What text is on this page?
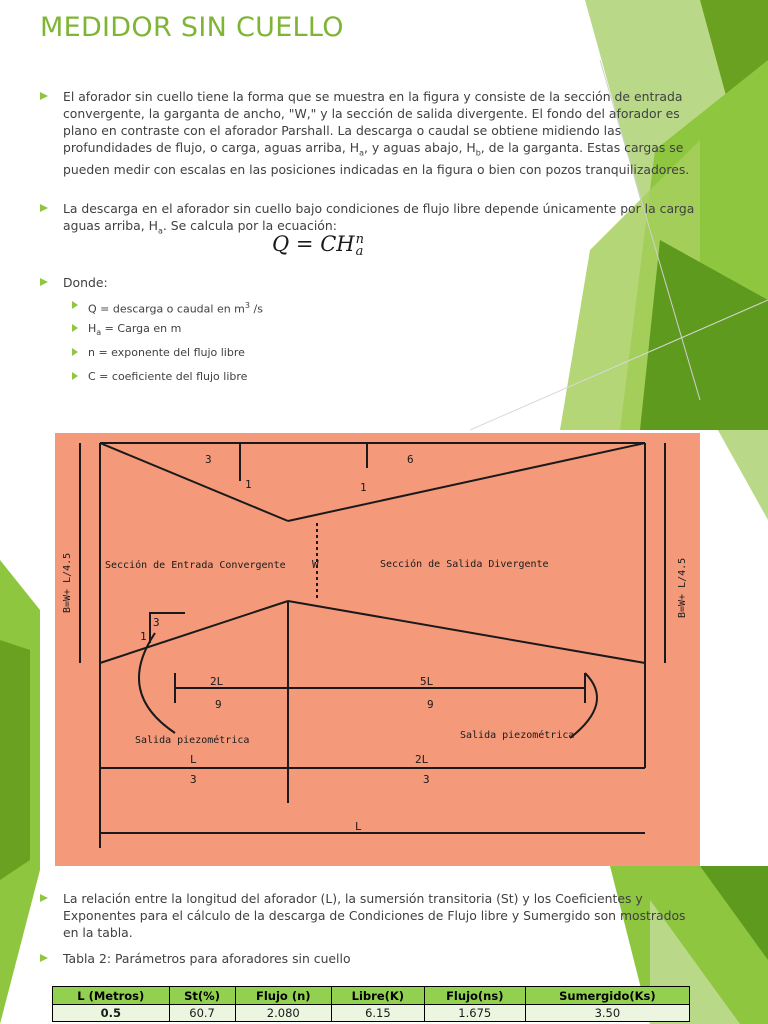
MEDIDOR SIN CUELLO
El aforador sin cuello tiene la forma que se muestra en la figura y consiste de la sección de entrada convergente, la garganta de ancho, "W," y la sección de salida divergente. El fondo del aforador es plano en contraste con el aforador Parshall. La descarga o caudal se obtiene midiendo las profundidades de flujo, o carga, aguas arriba, $H_a$, y aguas abajo, $H_b$, de la garganta. Estas cargas se pueden medir con escalas en las posiciones indicadas en la figura o bien con pozos tranquilizadores.
La descarga en el aforador sin cuello bajo condiciones de flujo libre depende únicamente por la carga aguas arriba, $H_a$. Se calcula por la ecuación:
Q = CH n
a
Donde:
Q = descarga o caudal en $m^3$ /s
$H_a$ = Carga en m
n = exponente del flujo libre
C = coeficiente del flujo libre
Sección de Entrada Convergente	Sección de Salida Divergente
W
3
1
6
1
3
1
2L
9
5L
9
L
3
2L
3
L
Salida piezométrica	Salida piezométrica
B=W+ L/4.5	B=W+ L/4.5
La relación entre la longitud del aforador (L), la sumersión transitoria (St) y los Coeficientes y Exponentes para el cálculo de la descarga de Condiciones de Flujo libre y Sumergido son mostrados en la tabla.
Tabla 2: Parámetros para aforadores sin cuello
L (Metros)	St(%)	Flujo (n)	Libre(K)	Flujo(ns)	Sumergido(Ks)
0.5	60.7	2.080	6.15	1.675	3.50
